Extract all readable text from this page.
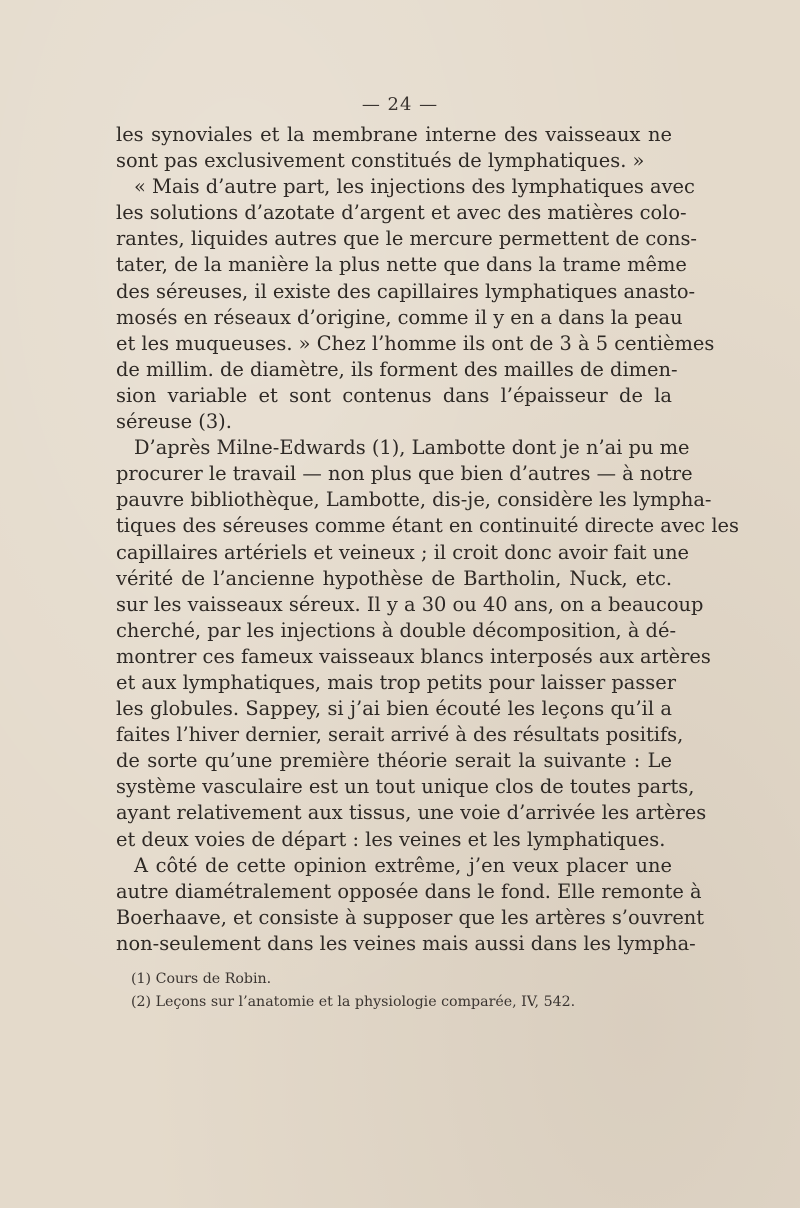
— 24 —
les synoviales et la membrane interne des vaisseaux ne
sont pas exclusivement constitués de lymphatiques. »
« Mais d’autre part, les injections des lymphatiques avec
les solutions d’azotate d’argent et avec des matières colo-
rantes, liquides autres que le mercure permettent de cons-
tater, de la manière la plus nette que dans la trame même
des séreuses, il existe des capillaires lymphatiques anasto-
mosés en réseaux d’origine, comme il y en a dans la peau
et les muqueuses. » Chez l’homme ils ont de 3 à 5 centièmes
de millim. de diamètre, ils forment des mailles de dimen-
sion variable et sont contenus dans l’épaisseur de la
séreuse (3).
D’après Milne-Edwards (1), Lambotte dont je n’ai pu me
procurer le travail — non plus que bien d’autres — à notre
pauvre bibliothèque, Lambotte, dis-je, considère les lympha-
tiques des séreuses comme étant en continuité directe avec les
capillaires artériels et veineux ; il croit donc avoir fait une
vérité de l’ancienne hypothèse de Bartholin, Nuck, etc.
sur les vaisseaux séreux. Il y a 30 ou 40 ans, on a beaucoup
cherché, par les injections à double décomposition, à dé-
montrer ces fameux vaisseaux blancs interposés aux artères
et aux lymphatiques, mais trop petits pour laisser passer
les globules. Sappey, si j’ai bien écouté les leçons qu’il a
faites l’hiver dernier, serait arrivé à des résultats positifs,
de sorte qu’une première théorie serait la suivante : Le
système vasculaire est un tout unique clos de toutes parts,
ayant relativement aux tissus, une voie d’arrivée les artères
et deux voies de départ : les veines et les lymphatiques.
A côté de cette opinion extrême, j’en veux placer une
autre diamétralement opposée dans le fond. Elle remonte à
Boerhaave, et consiste à supposer que les artères s’ouvrent
non-seulement dans les veines mais aussi dans les lympha-
(1) Cours de Robin.
(2) Leçons sur l’anatomie et la physiologie comparée, IV, 542.
